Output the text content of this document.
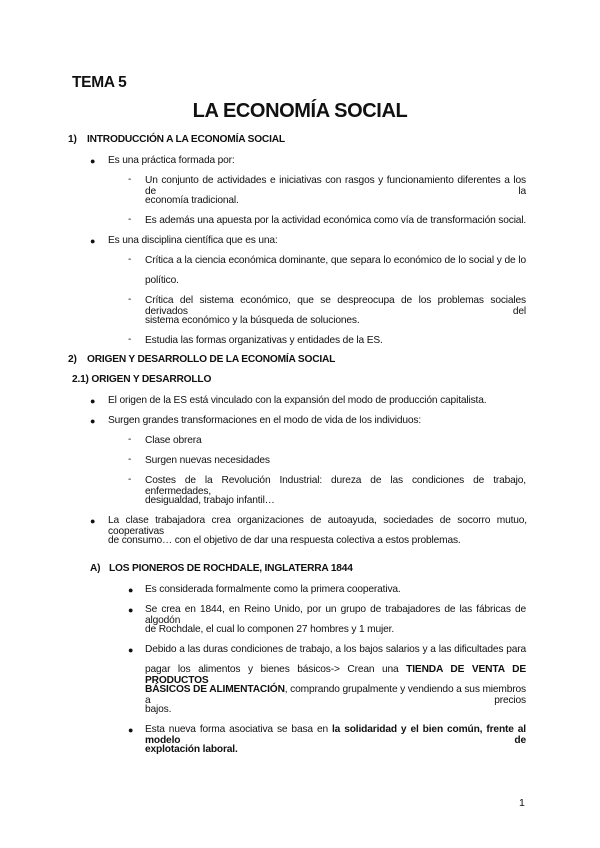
TEMA 5
LA ECONOMÍA SOCIAL
1) INTRODUCCIÓN A LA ECONOMÍA SOCIAL
● Es una práctica formada por:
- Un conjunto de actividades e iniciativas con rasgos y funcionamiento diferentes a los de la
economía tradicional.
- Es además una apuesta por la actividad económica como vía de transformación social.
● Es una disciplina científica que es una:
- Crítica a la ciencia económica dominante, que separa lo económico de lo social y de lo
político.
- Crítica del sistema económico, que se despreocupa de los problemas sociales derivados del
sistema económico y la búsqueda de soluciones.
- Estudia las formas organizativas y entidades de la ES.
2) ORIGEN Y DESARROLLO DE LA ECONOMÍA SOCIAL
2.1) ORIGEN Y DESARROLLO
● El origen de la ES está vinculado con la expansión del modo de producción capitalista.
● Surgen grandes transformaciones en el modo de vida de los individuos:
- Clase obrera
- Surgen nuevas necesidades
- Costes de la Revolución Industrial: dureza de las condiciones de trabajo, enfermedades,
desigualdad, trabajo infantil…
● La clase trabajadora crea organizaciones de autoayuda, sociedades de socorro mutuo, cooperativas
de consumo… con el objetivo de dar una respuesta colectiva a estos problemas.
A) LOS PIONEROS DE ROCHDALE, INGLATERRA 1844
● Es considerada formalmente como la primera cooperativa.
● Se crea en 1844, en Reino Unido, por un grupo de trabajadores de las fábricas de algodón
de Rochdale, el cual lo componen 27 hombres y 1 mujer.
● Debido a las duras condiciones de trabajo, a los bajos salarios y a las dificultades para
pagar los alimentos y bienes básicos-> Crean una TIENDA DE VENTA DE PRODUCTOS
BÁSICOS DE ALIMENTACIÓN, comprando grupalmente y vendiendo a sus miembros a precios
bajos.
● Esta nueva forma asociativa se basa en la solidaridad y el bien común, frente al modelo de
explotación laboral.
1
